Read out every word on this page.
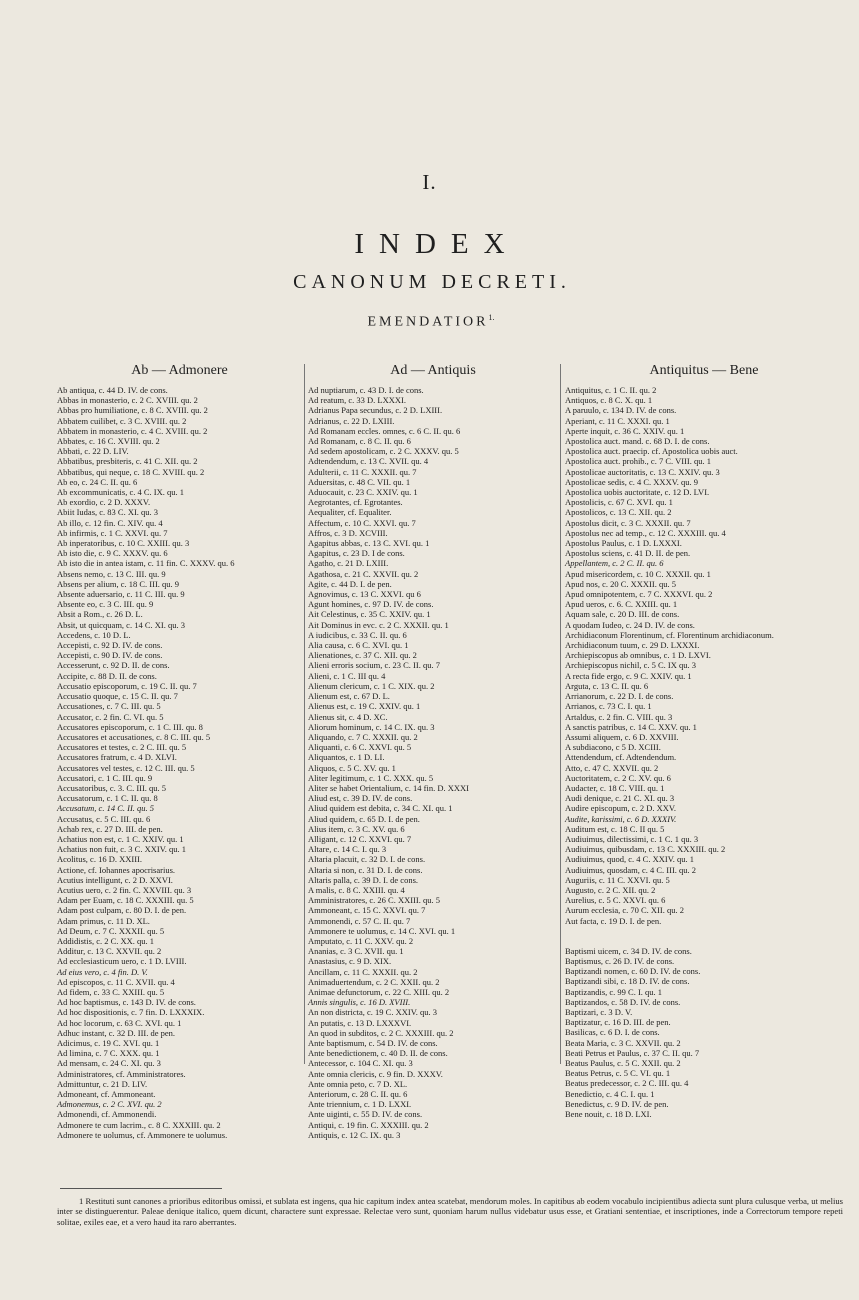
I.
INDEX
CANONUM DECRETI.
$EMENDATIOR^{1.}$
Ab — Admonere
Ab antiqua, c. 44 D. IV. de cons.
Abbas in monasterio, c. 2 C. XVIII. qu. 2
Abbas pro humiliatione, c. 8 C. XVIII. qu. 2
Abbatem cuilibet, c. 3 C. XVIII. qu. 2
Abbatem in monasterio, c. 4 C. XVIII. qu. 2
Abbates, c. 16 C. XVIII. qu. 2
Abbati, c. 22 D. LIV.
Abbatibus, presbiteris, c. 41 C. XII. qu. 2
Abbatibus, qui neque, c. 18 C. XVIII. qu. 2
Ab eo, c. 24 C. II. qu. 6
Ab excommunicatis, c. 4 C. IX. qu. 1
Ab exordio, c. 2 D. XXXV.
Abiit Iudas, c. 83 C. XI. qu. 3
Ab illo, c. 12 fin. C. XIV. qu. 4
Ab infirmis, c. 1 C. XXVI. qu. 7
Ab inperatoribus, c. 10 C. XXIII. qu. 3
Ab isto die, c. 9 C. XXXV. qu. 6
Ab isto die in antea istam, c. 11 fin. C. XXXV. qu. 6
Absens nemo, c. 13 C. III. qu. 9
Absens per alium, c. 18 C. III. qu. 9
Absente aduersario, c. 11 C. III. qu. 9
Absente eo, c. 3 C. III. qu. 9
Absit a Rom., c. 26 D. L.
Absit, ut quicquam, c. 14 C. XI. qu. 3
Accedens, c. 10 D. L.
Accepisti, c. 92 D. IV. de cons.
Accepisti, c. 90 D. IV. de cons.
Accesserunt, c. 92 D. II. de cons.
Accipite, c. 88 D. II. de cons.
Accusatio episcoporum, c. 19 C. II. qu. 7
Accusatio quoque, c. 15 C. II. qu. 7
Accusationes, c. 7 C. III. qu. 5
Accusator, c. 2 fin. C. VI. qu. 5
Accusatores episcoporum, c. 1 C. III. qu. 8
Accusatores et accusationes, c. 8 C. III. qu. 5
Accusatores et testes, c. 2 C. III. qu. 5
Accusatores fratrum, c. 4 D. XLVI.
Accusatores vel testes, c. 12 C. III. qu. 5
Accusatori, c. 1 C. III. qu. 9
Accusatoribus, c. 3. C. III. qu. 5
Accusatorum, c. 1 C. II. qu. 8
Accusatum, c. 14 C. II. qu. 5
Accusatus, c. 5 C. III. qu. 6
Achab rex, c. 27 D. III. de pen.
Achatius non est, c. 1 C. XXIV. qu. 1
Achatius non fuit, c. 3 C. XXIV. qu. 1
Acolitus, c. 16 D. XXIII.
Actione, cf. Iohannes apocrisarius.
Acutius intelligunt, c. 2 D. XXVI.
Acutius uero, c. 2 fin. C. XXVIII. qu. 3
Adam per Euam, c. 18 C. XXXIII. qu. 5
Adam post culpam, c. 80 D. I. de pen.
Adam primus, c. 11 D. XL.
Ad Deum, c. 7 C. XXXII. qu. 5
Addidistis, c. 2 C. XX. qu. 1
Additur, c. 13 C. XXVII. qu. 2
Ad ecclesiasticum uero, c. 1 D. LVIII.
Ad eius vero, c. 4 fin. D. V.
Ad episcopos, c. 11 C. XVII. qu. 4
Ad fidem, c. 33 C. XXIII. qu. 5
Ad hoc baptismus, c. 143 D. IV. de cons.
Ad hoc dispositionis, c. 7 fin. D. LXXXIX.
Ad hoc locorum, c. 63 C. XVI. qu. 1
Adhuc instant, c. 32 D. III. de pen.
Adicimus, c. 19 C. XVI. qu. 1
Ad limina, c. 7 C. XXX. qu. 1
Ad mensam, c. 24 C. XI. qu. 3
Administratores, cf. Amministratores.
Admittuntur, c. 21 D. LIV.
Admoneant, cf. Ammoneant.
Admonemus, c. 2 C. XVI. qu. 2
Admonendi, cf. Ammonendi.
Admonere te cum lacrim., c. 8 C. XXXIII. qu. 2
Admonere te uolumus, cf. Ammonere te uolumus.
Ad — Antiquis
Ad nuptiarum, c. 43 D. I. de cons.
Ad reatum, c. 33 D. LXXXI.
Adrianus Papa secundus, c. 2 D. LXIII.
Adrianus, c. 22 D. LXIII.
Ad Romanam eccles. omnes, c. 6 C. II. qu. 6
Ad Romanam, c. 8 C. II. qu. 6
Ad sedem apostolicam, c. 2 C. XXXV. qu. 5
Adtendendum, c. 13 C. XVII. qu. 4
Adulterii, c. 11 C. XXXII. qu. 7
Aduersitas, c. 48 C. VII. qu. 1
Aduocauit, c. 23 C. XXIV. qu. 1
Aegrotantes, cf. Egrotantes.
Aequaliter, cf. Equaliter.
Affectum, c. 10 C. XXVI. qu. 7
Affros, c. 3 D. XCVIII.
Agapitus abbas, c. 13 C. XVI. qu. 1
Agapitus, c. 23 D. I de cons.
Agatho, c. 21 D. LXIII.
Agathosa, c. 21 C. XXVII. qu. 2
Agite, c. 44 D. I. de pen.
Agnovimus, c. 13 C. XXVI. qu 6
Agunt homines, c. 97 D. IV. de cons.
Ait Celestinus, c. 35 C. XXIV. qu. 1
Ait Dominus in evc. c. 2 C. XXXII. qu. 1
A iudicibus, c. 33 C. II. qu. 6
Alia causa, c. 6 C. XVI. qu. 1
Alienationes, c. 37 C. XII. qu. 2
Alieni erroris socium, c. 23 C. II. qu. 7
Alieni, c. 1 C. III qu. 4
Alienum clericum, c. 1 C. XIX. qu. 2
Alienum est, c. 67 D. L.
Alienus est, c. 19 C. XXIV. qu. 1
Alienus sit, c. 4 D. XC.
Aliorum hominum, c. 14 C. IX. qu. 3
Aliquando, c. 7 C. XXXII. qu. 2
Aliquanti, c. 6 C. XXVI. qu. 5
Aliquantos, c. 1 D. LI.
Aliquos, c. 5 C. XV. qu. 1
Aliter legitimum, c. 1 C. XXX. qu. 5
Aliter se habet Orientalium, c. 14 fin. D. XXXI
Aliud est, c. 39 D. IV. de cons.
Aliud quidem est debita, c. 34 C. XI. qu. 1
Aliud quidem, c. 65 D. I. de pen.
Alius item, c. 3 C. XV. qu. 6
Alligant, c. 12 C. XXVI. qu. 7
Altare, c. 14 C. I. qu. 3
Altaria placuit, c. 32 D. I. de cons.
Altaria si non, c. 31 D. I. de cons.
Altaris palla, c. 39 D. I. de cons.
A malis, c. 8 C. XXIII. qu. 4
Amministratores, c. 26 C. XXIII. qu. 5
Ammoneant, c. 15 C. XXVI. qu. 7
Ammonendi, c. 57 C. II. qu. 7
Ammonere te uolumus, c. 14 C. XVI. qu. 1
Amputato, c. 11 C. XXV. qu. 2
Ananias, c. 3 C. XVII. qu. 1
Anastasius, c. 9 D. XIX.
Ancillam, c. 11 C. XXXII. qu. 2
Animaduertendum, c. 2 C. XXII. qu. 2
Animae defunctorum, c. 22 C. XIII. qu. 2
Annis singulis, c. 16 D. XVIII.
An non districta, c. 19 C. XXIV. qu. 3
An putatis, c. 13 D. LXXXVI.
An quod in subditos, c. 2 C. XXXIII. qu. 2
Ante baptismum, c. 54 D. IV. de cons.
Ante benedictionem, c. 40 D. II. de cons.
Antecessor, c. 104 C. XI. qu. 3
Ante omnia clericis, c. 9 fin. D. XXXV.
Ante omnia peto, c. 7 D. XL.
Anteriorum, c. 28 C. II. qu. 6
Ante triennium, c. 1 D. LXXI.
Ante uiginti, c. 55 D. IV. de cons.
Antiqui, c. 19 fin. C. XXXIII. qu. 2
Antiquis, c. 12 C. IX. qu. 3
Antiquitus — Bene
Antiquitus, c. 1 C. II. qu. 2
Antiquos, c. 8 C. X. qu. 1
A paruulo, c. 134 D. IV. de cons.
Aperiant, c. 11 C. XXXI. qu. 1
Aperte inquit, c. 36 C. XXIV. qu. 1
Apostolica auct. mand. c. 68 D. I. de cons.
Apostolica auct. praecip. cf. Apostolica uobis auct.
Apostolica auct. prohib., c. 7 C. VIII. qu. 1
Apostolicae auctoritatis, c. 13 C. XXIV. qu. 3
Apostolicae sedis, c. 4 C. XXXV. qu. 9
Apostolica uobis auctoritate, c. 12 D. LVI.
Apostolicis, c. 67 C. XVI. qu. 1
Apostolicos, c. 13 C. XII. qu. 2
Apostolus dicit, c. 3 C. XXXII. qu. 7
Apostolus nec ad temp., c. 12 C. XXXIII. qu. 4
Apostolus Paulus, c. 1 D. LXXXI.
Apostolus sciens, c. 41 D. II. de pen.
Appellantem, c. 2 C. II. qu. 6
Apud misericordem, c. 10 C. XXXII. qu. 1
Apud nos, c. 20 C. XXXII. qu. 5
Apud omnipotentem, c. 7 C. XXXVI. qu. 2
Apud ueros, c. 6. C. XXIII. qu. 1
Aquam sale, c. 20 D. III. de cons.
A quodam Iudeo, c. 24 D. IV. de cons.
Archidiaconum Florentinum, cf. Florentinum archidiaconum.
Archidiaconum tuum, c. 29 D. LXXXI.
Archiepiscopus ab omnibus, c. 1 D. LXVI.
Archiepiscopus nichil, c. 5 C. IX qu. 3
A recta fide ergo, c. 9 C. XXIV. qu. 1
Arguta, c. 13 C. II. qu. 6
Arrianorum, c. 22 D. I. de cons.
Arrianos, c. 73 C. I. qu. 1
Artaldus, c. 2 fin. C. VIII. qu. 3
A sanctis patribus, c. 14 C. XXV. qu. 1
Assumi aliquem, c. 6 D. XXVIII.
A subdiacono, c 5 D. XCIII.
Attendendum, cf. Adtendendum.
Atto, c. 47 C. XXVII. qu. 2
Auctoritatem, c. 2 C. XV. qu. 6
Audacter, c. 18 C. VIII. qu. 1
Audi denique, c. 21 C. XI. qu. 3
Audire episcopum, c. 2 D. XXV.
Audite, karissimi, c. 6 D. XXXIV.
Auditum est, c. 18 C. II qu. 5
Audiuimus, dilectissimi, c. 1 C. 1 qu. 3
Audiuimus, quibusdam, c. 13 C. XXXIII. qu. 2
Audiuimus, quod, c. 4 C. XXIV. qu. 1
Audiuimus, quosdam, c. 4 C. III. qu. 2
Auguriis, c. 11 C. XXVI. qu. 5
Augusto, c. 2 C. XII. qu. 2
Aurelius, c. 5 C. XXVI. qu. 6
Aurum ecclesia, c. 70 C. XII. qu. 2
Aut facta, c. 19 D. I. de pen.
Baptismi uicem, c. 34 D. IV. de cons.
Baptismus, c. 26 D. IV. de cons.
Baptizandi nomen, c. 60 D. IV. de cons.
Baptizandi sibi, c. 18 D. IV. de cons.
Baptizandis, c. 99 C. I. qu. 1
Baptizandos, c. 58 D. IV. de cons.
Baptizari, c. 3 D. V.
Baptizatur, c. 16 D. III. de pen.
Basilicas, c. 6 D. I. de cons.
Beata Maria, c. 3 C. XXVII. qu. 2
Beati Petrus et Paulus, c. 37 C. II. qu. 7
Beatus Paulus, c. 5 C. XXII. qu. 2
Beatus Petrus, c. 5 C. VI. qu. 1
Beatus predecessor, c. 2 C. III. qu. 4
Benedictio, c. 4 C. I. qu. 1
Benedictus, c. 9 D. IV. de pen.
Bene nouit, c. 18 D. LXI.
1 Restituti sunt canones a prioribus editoribus omissi, et sublata est ingens, qua hic capitum index antea scatebat, mendorum moles. In capitibus ab eodem vocabulo incipientibus adiecta sunt plura culusque verba, ut melius inter se distinguerentur. Paleae denique italico, quem dicunt, charactere sunt expressae. Relectae vero sunt, quoniam harum nullus videbatur usus esse, et Gratiani sententiae, et inscriptiones, inde a Correctorum tempore repeti solitae, exiles eae, et a vero haud ita raro aberrantes.
